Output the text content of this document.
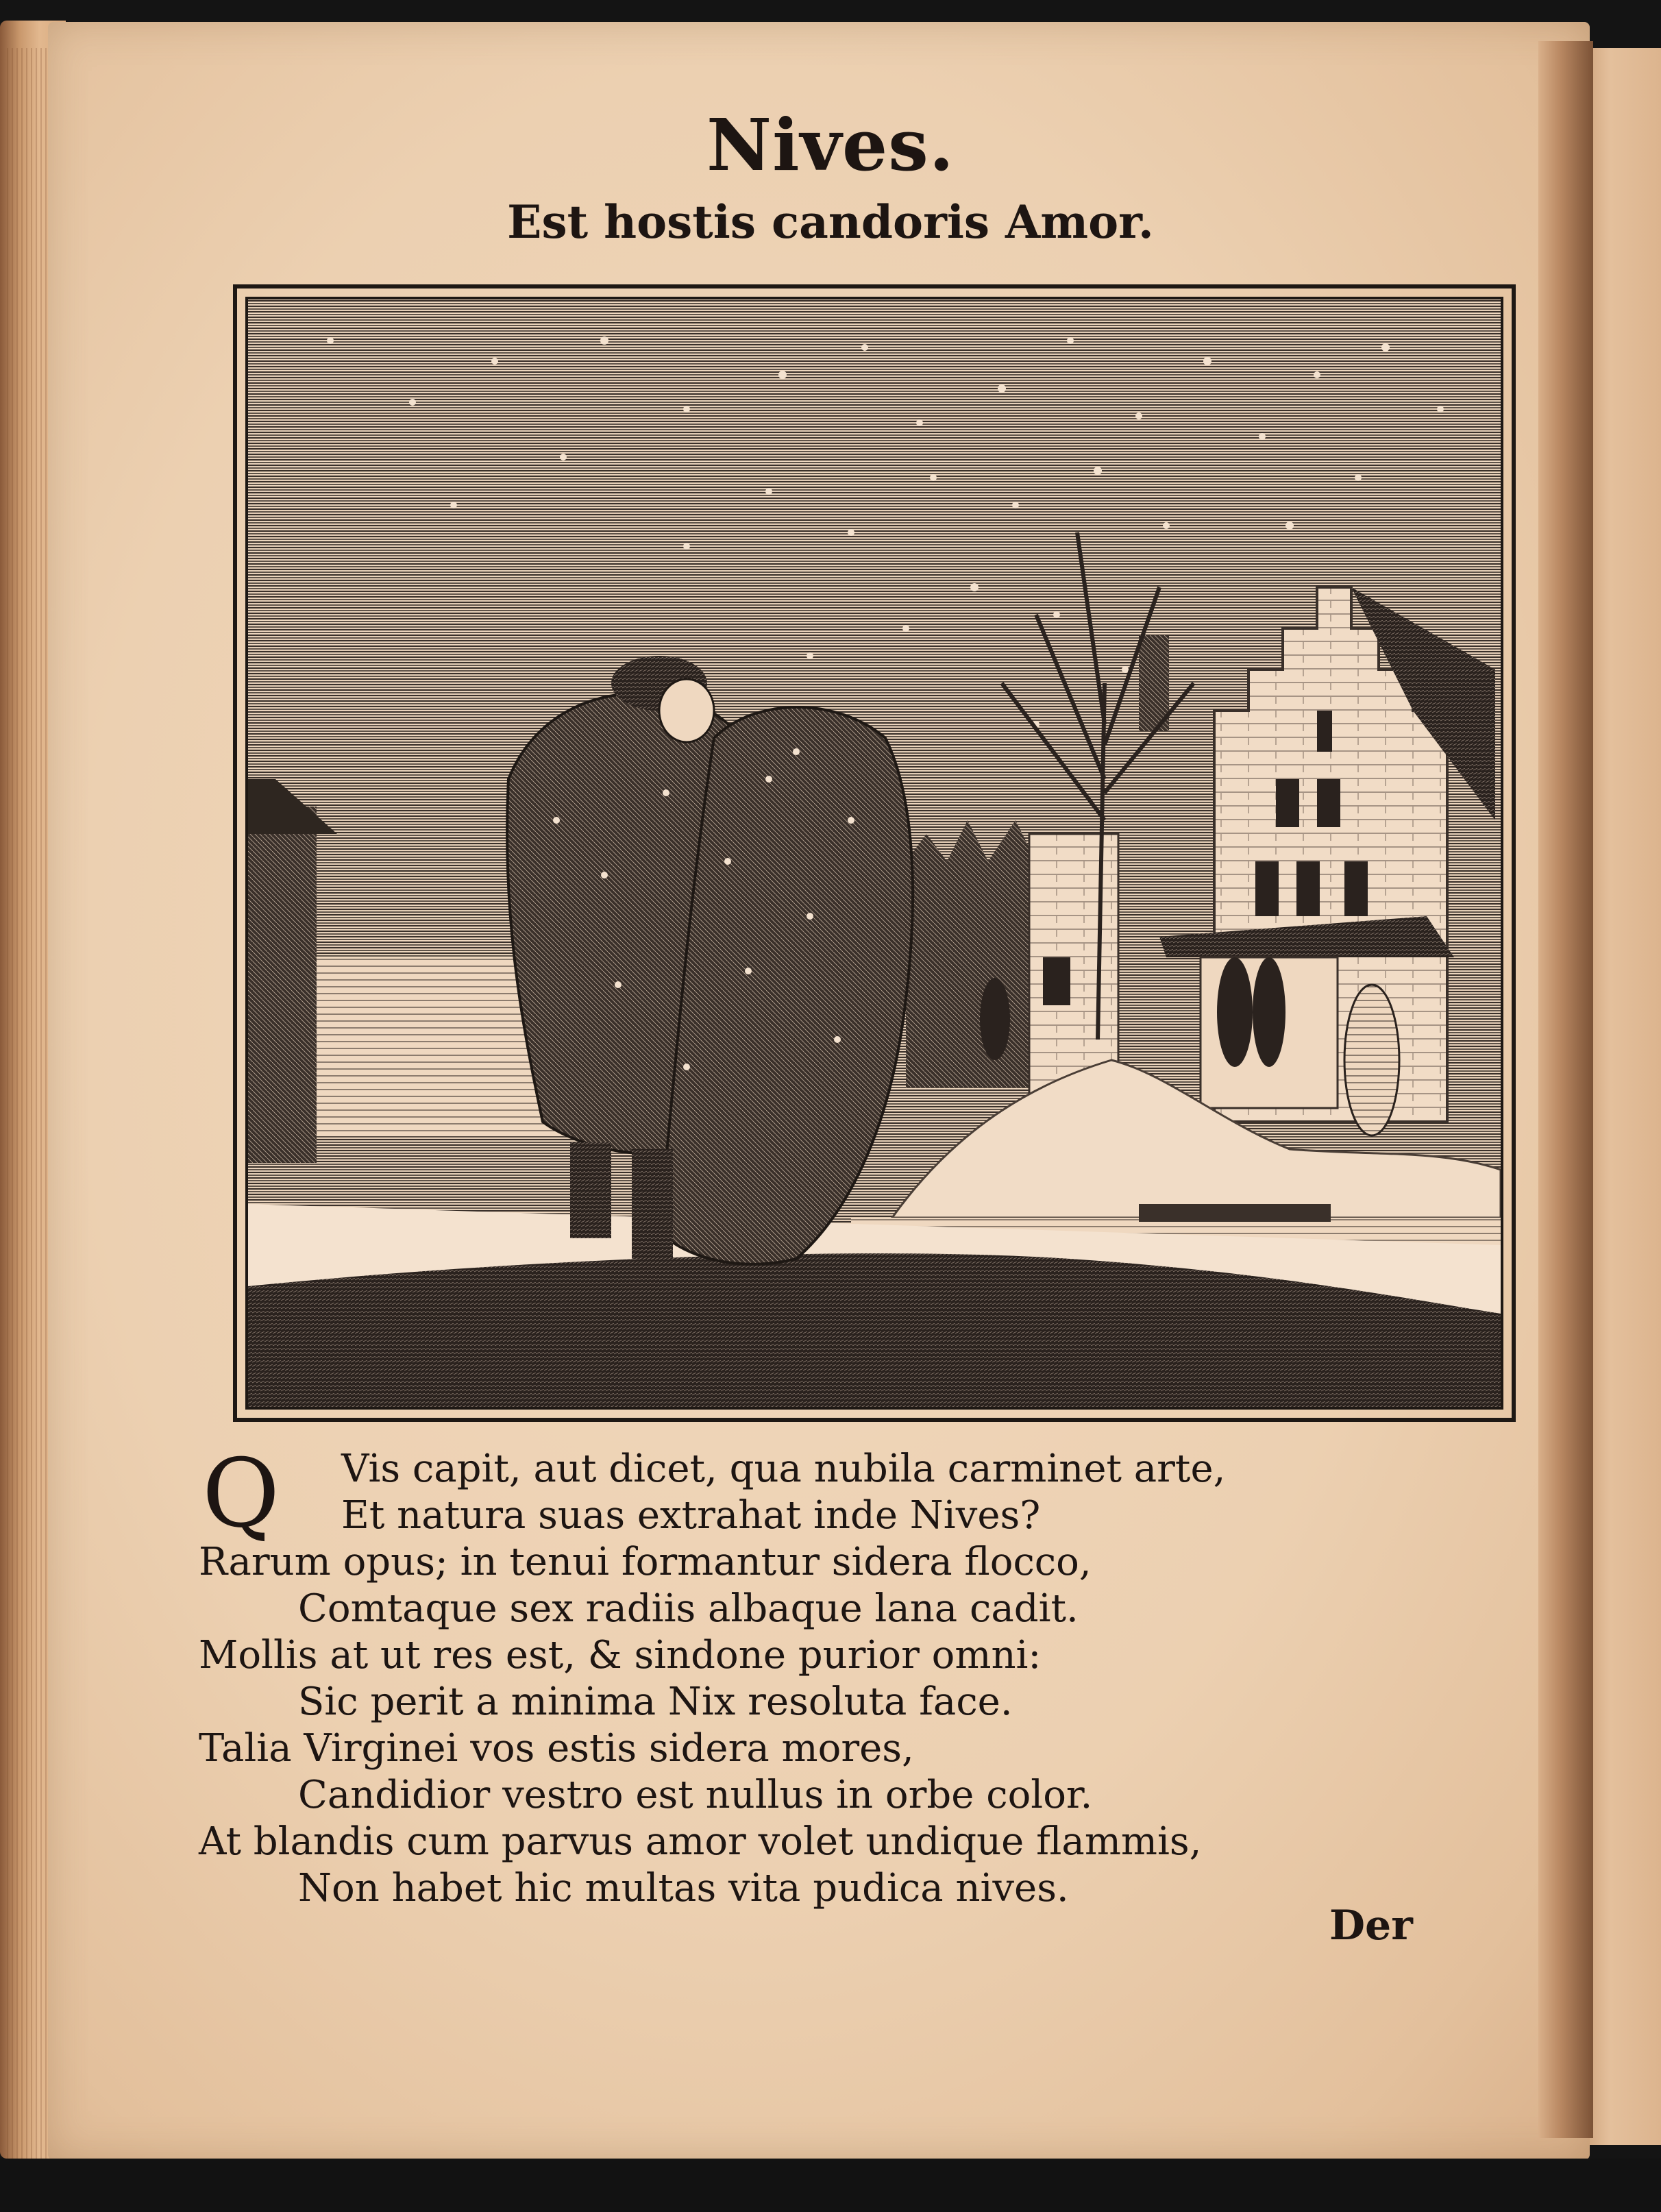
Nives.
Est hostis candoris Amor.
Q	Vis capit, aut dicet, qua nubila carminet arte,
Et natura suas extrahat inde Nives?
Rarum opus; in tenui formantur sidera flocco,
Comtaque sex radiis albaque lana cadit.
Mollis at ut res est, & sindone purior omni:
Sic perit a minima Nix resoluta face.
Talia Virginei vos estis sidera mores,
Candidior vestro est nullus in orbe color.
At blandis cum parvus amor volet undique flammis,
Non habet hic multas vita pudica nives.
Der
